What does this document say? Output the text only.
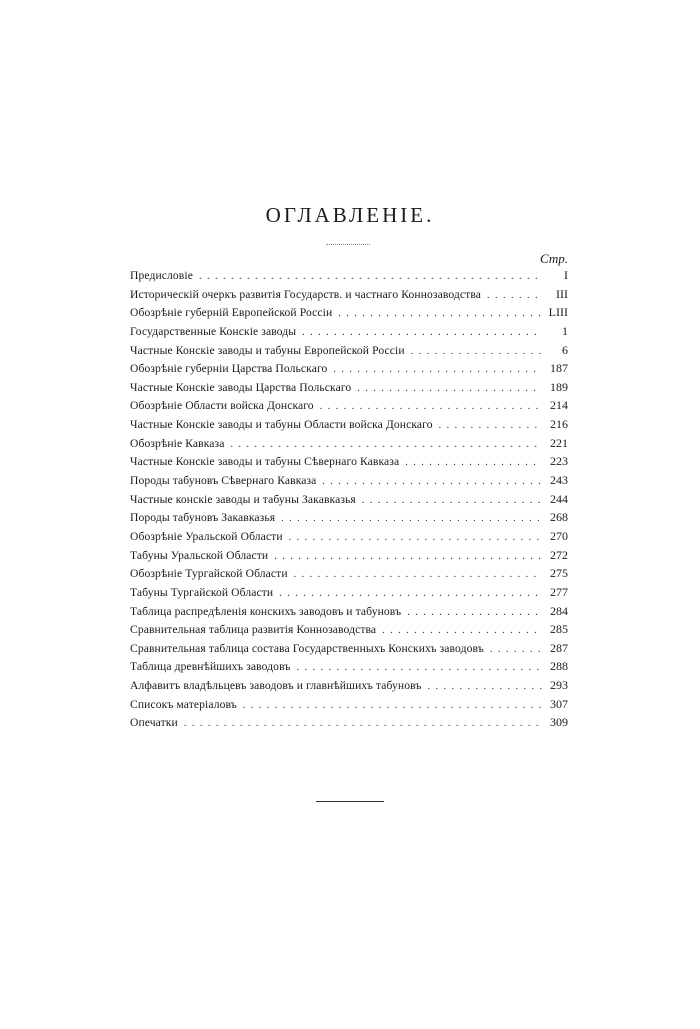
ОГЛАВЛЕНІЕ.
Стр.
Предисловіе . . .	I
Историческій очеркъ развитія Государств. и частнаго Коннозаводства . . .	III
Обозрѣніе губерній Европейской Россіи . . .	LIII
Государственные Конскіе заводы . . .	1
Частные Конскіе заводы и табуны Европейской Россіи . . .	6
Обозрѣніе губерніи Царства Польскаго . . .	187
Частные Конскіе заводы Царства Польскаго . . .	189
Обозрѣніе Области войска Донскаго . . .	214
Частные Конскіе заводы и табуны Области войска Донскаго . . .	216
Обозрѣніе Кавказа . . .	221
Частные Конскіе заводы и табуны Сѣвернаго Кавказа . . .	223
Породы табуновъ Сѣвернаго Кавказа . . .	243
Частные конскіе заводы и табуны Закавказья . . .	244
Породы табуновъ Закавказья . . .	268
Обозрѣніе Уральской Области . . .	270
Табуны Уральской Области . . .	272
Обозрѣніе Тургайской Области . . .	275
Табуны Тургайской Области . . .	277
Таблица распредѣленія конскихъ заводовъ и табуновъ . . .	284
Сравнительная таблица развитія Коннозаводства . . .	285
Сравнительная таблица состава Государственныхъ Конскихъ заводовъ . . .	287
Таблица древнѣйшихъ заводовъ . . .	288
Алфавитъ владѣльцевъ заводовъ и главнѣйшихъ табуновъ . . .	293
Списокъ матеріаловъ . . .	307
Опечатки . . .	309
